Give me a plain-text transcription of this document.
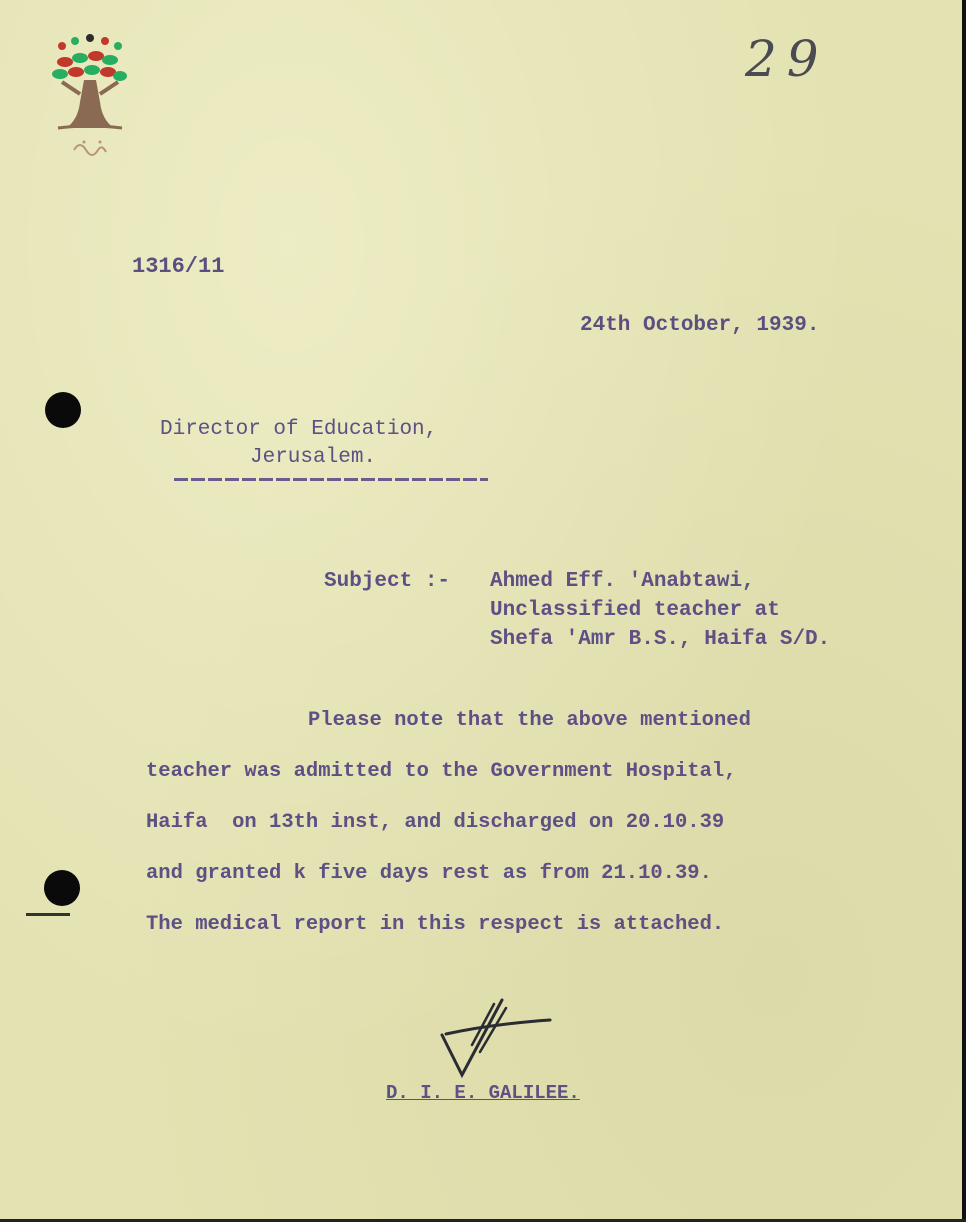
29
1316/11
24th October, 1939.
Director of Education,
Jerusalem.
Subject :- Ahmed Eff. 'Anabtawi,
Unclassified teacher at
Shefa 'Amr B.S., Haifa S/D.
Please note that the above mentioned
teacher was admitted to the Government Hospital,
Haifa  on 13th inst, and discharged on 20.10.39
and granted k five days rest as from 21.10.39.
The medical report in this respect is attached.
D. I. E. GALILEE.
